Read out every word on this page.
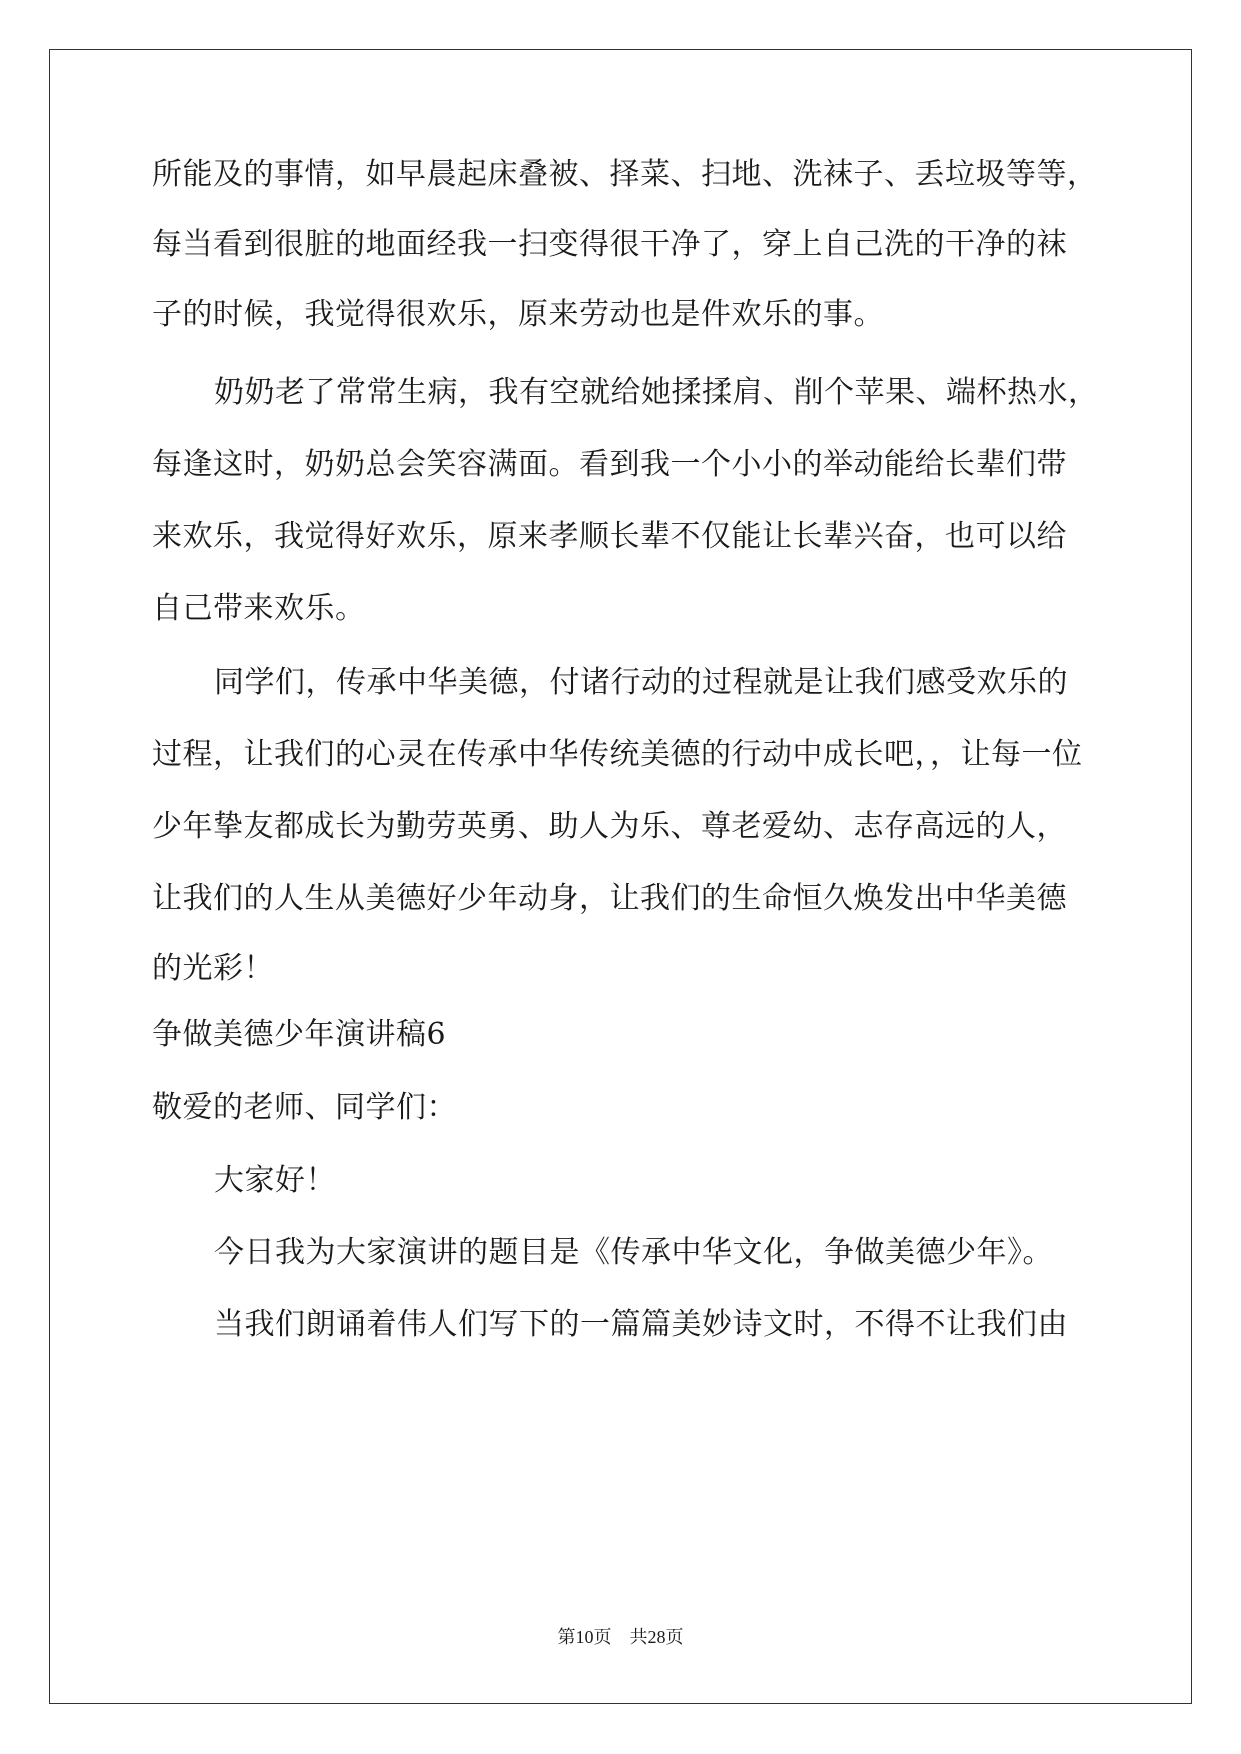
所能及的事情，如早晨起床叠被、择菜、扫地、洗袜子、丢垃圾等等，
每当看到很脏的地面经我一扫变得很干净了，穿上自己洗的干净的袜
子的时候，我觉得很欢乐，原来劳动也是件欢乐的事。
奶奶老了常常生病，我有空就给她揉揉肩、削个苹果、端杯热水，
每逢这时，奶奶总会笑容满面。看到我一个小小的举动能给长辈们带
来欢乐，我觉得好欢乐，原来孝顺长辈不仅能让长辈兴奋，也可以给
自己带来欢乐。
同学们，传承中华美德，付诸行动的过程就是让我们感受欢乐的
过程，让我们的心灵在传承中华传统美德的行动中成长吧，，让每一位
少年挚友都成长为勤劳英勇、助人为乐、尊老爱幼、志存高远的人，
让我们的人生从美德好少年动身，让我们的生命恒久焕发出中华美德
的光彩！
争做美德少年演讲稿6
敬爱的老师、同学们：
大家好！
今日我为大家演讲的题目是《传承中华文化，争做美德少年》。
当我们朗诵着伟人们写下的一篇篇美妙诗文时，不得不让我们由
第10页 共28页
